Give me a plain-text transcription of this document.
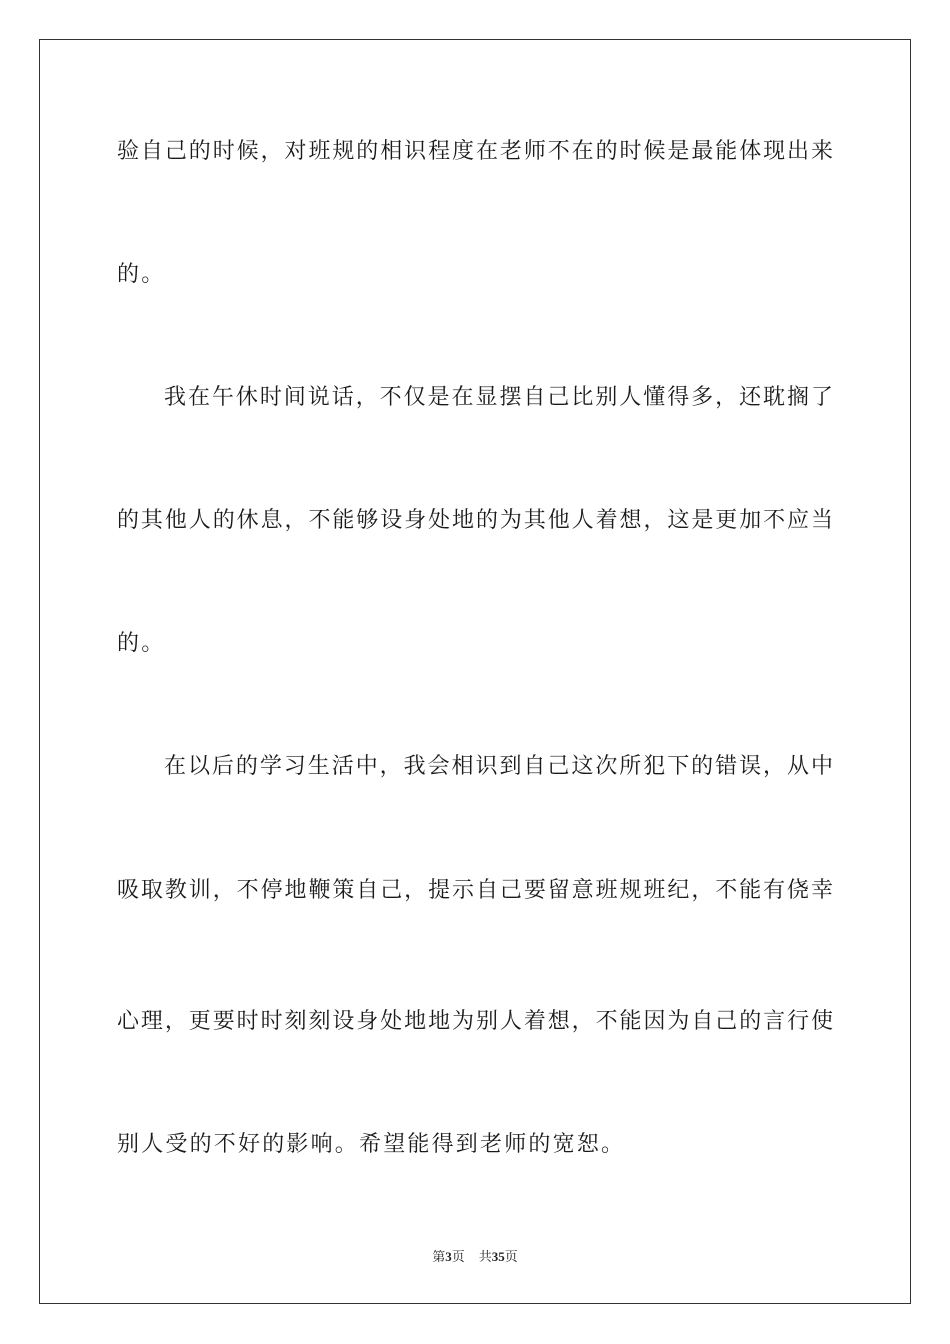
验自己的时候，对班规的相识程度在老师不在的时候是最能体现出来
的。
我在午休时间说话，不仅是在显摆自己比别人懂得多，还耽搁了
的其他人的休息，不能够设身处地的为其他人着想，这是更加不应当
的。
在以后的学习生活中，我会相识到自己这次所犯下的错误，从中
吸取教训，不停地鞭策自己，提示自己要留意班规班纪，不能有侥幸
心理，更要时时刻刻设身处地地为别人着想，不能因为自己的言行使
别人受的不好的影响。希望能得到老师的宽恕。
第3页 共35页
